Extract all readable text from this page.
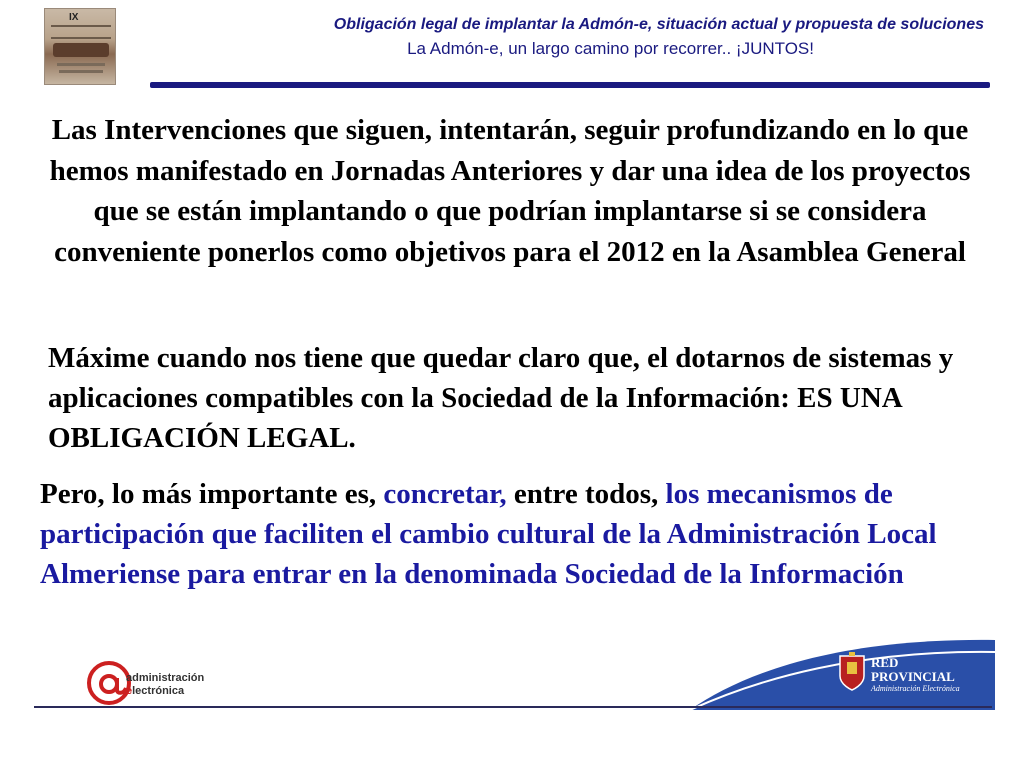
IX	Obligación legal de implantar la Admón-e, situación actual y propuesta de soluciones
La Admón-e, un largo camino por recorrer.. ¡JUNTOS!
Las Intervenciones que siguen, intentarán, seguir profundizando en lo que hemos manifestado en Jornadas Anteriores y dar una idea de los proyectos que se están implantando o que podrían implantarse si se considera conveniente ponerlos como objetivos para el 2012 en la Asamblea General
Máxime cuando nos tiene que quedar claro que, el dotarnos de sistemas y aplicaciones compatibles con la Sociedad de la Información: ES UNA OBLIGACIÓN LEGAL.
Pero, lo más importante es, concretar, entre todos, los mecanismos de participación que faciliten el cambio cultural de la Administración Local Almeriense para entrar en la denominada Sociedad de la Información
administración
electrónica
RED
PROVINCIAL
Administración Electrónica
